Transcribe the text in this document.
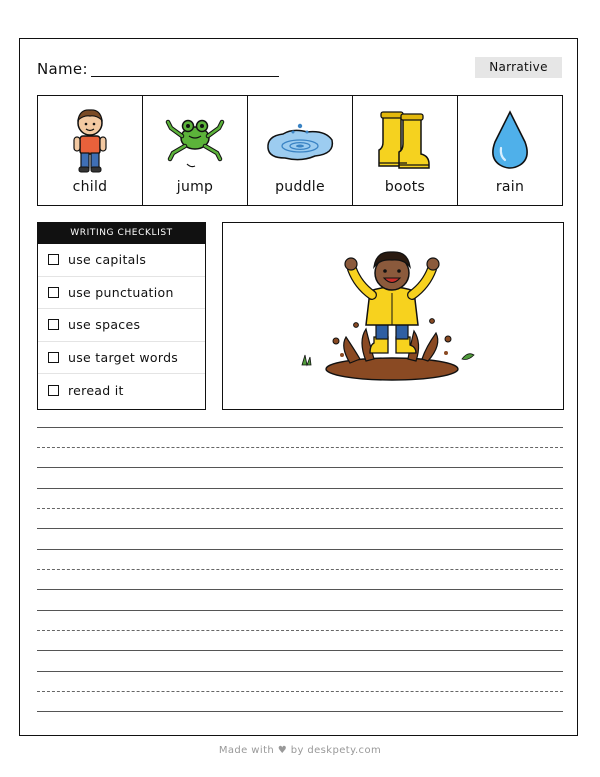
Name:	Narrative
child	jump	puddle	boots	rain
WRITING CHECKLIST
use capitals
use punctuation
use spaces
use target words
reread it
Made with ♥ by deskpety.com
